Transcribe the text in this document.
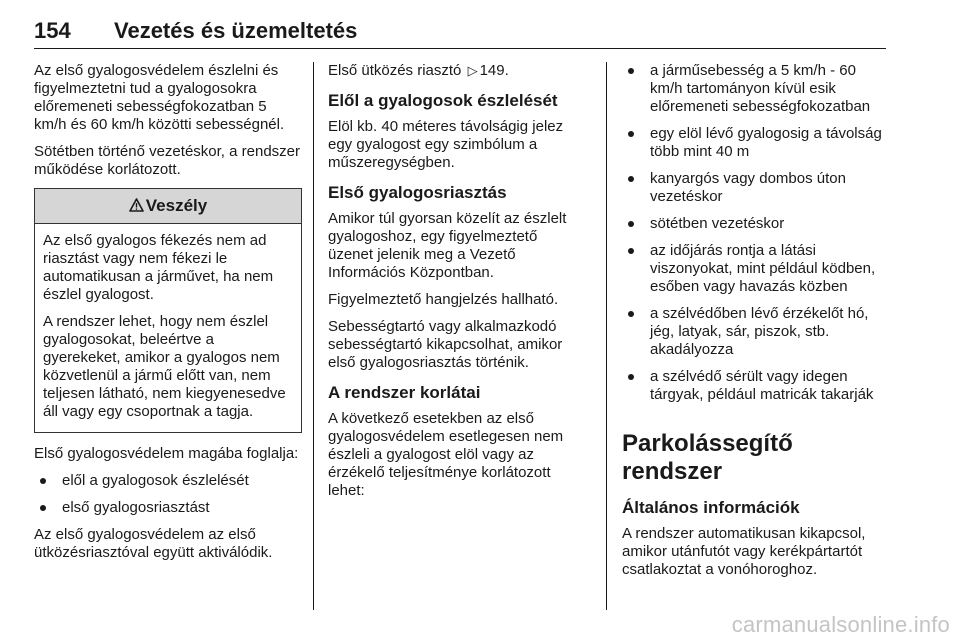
154 Vezetés és üzemeltetés

Az első gyalogosvédelem észlelni és figyelmeztetni tud a gyalogosokra előremeneti sebességfokozatban 5 km/h és 60 km/h közötti sebességnél.

Sötétben történő vezetéskor, a rendszer működése korlátozott.

Veszély

Az első gyalogos fékezés nem ad riasztást vagy nem fékezi le automatikusan a járművet, ha nem észlel gyalogost.

A rendszer lehet, hogy nem észlel gyalogosokat, beleértve a gyerekeket, amikor a gyalogos nem közvetlenül a jármű előtt van, nem teljesen látható, nem kiegyenesedve áll vagy egy csoportnak a tagja.

Első gyalogosvédelem magába foglalja:

elől a gyalogosok észlelését
első gyalogosriasztást

Az első gyalogosvédelem az első ütközésriasztóval együtt aktiválódik.

Első ütközés riasztó ▷ 149.

Elől a gyalogosok észlelését

Elöl kb. 40 méteres távolságig jelez egy gyalogost egy szimbólum a műszeregységben.

Első gyalogosriasztás

Amikor túl gyorsan közelít az észlelt gyalogoshoz, egy figyelmeztető üzenet jelenik meg a Vezető Információs Központban.

Figyelmeztető hangjelzés hallható.

Sebességtartó vagy alkalmazkodó sebességtartó kikapcsolhat, amikor első gyalogosriasztás történik.

A rendszer korlátai

A következő esetekben az első gyalogosvédelem esetlegesen nem észleli a gyalogost elöl vagy az érzékelő teljesítménye korlátozott lehet:

a járműsebesség a 5 km/h - 60 km/h tartományon kívül esik előremeneti sebességfokozatban
egy elöl lévő gyalogosig a távolság több mint 40 m
kanyargós vagy dombos úton vezetéskor
sötétben vezetéskor
az időjárás rontja a látási viszonyokat, mint például ködben, esőben vagy havazás közben
a szélvédőben lévő érzékelőt hó, jég, latyak, sár, piszok, stb. akadályozza
a szélvédő sérült vagy idegen tárgyak, például matricák takarják
Parkolássegítő rendszer
Általános információk

A rendszer automatikusan kikapcsol, amikor utánfutót vagy kerékpártartót csatlakoztat a vonóhoroghoz.

carmanualsonline.info
